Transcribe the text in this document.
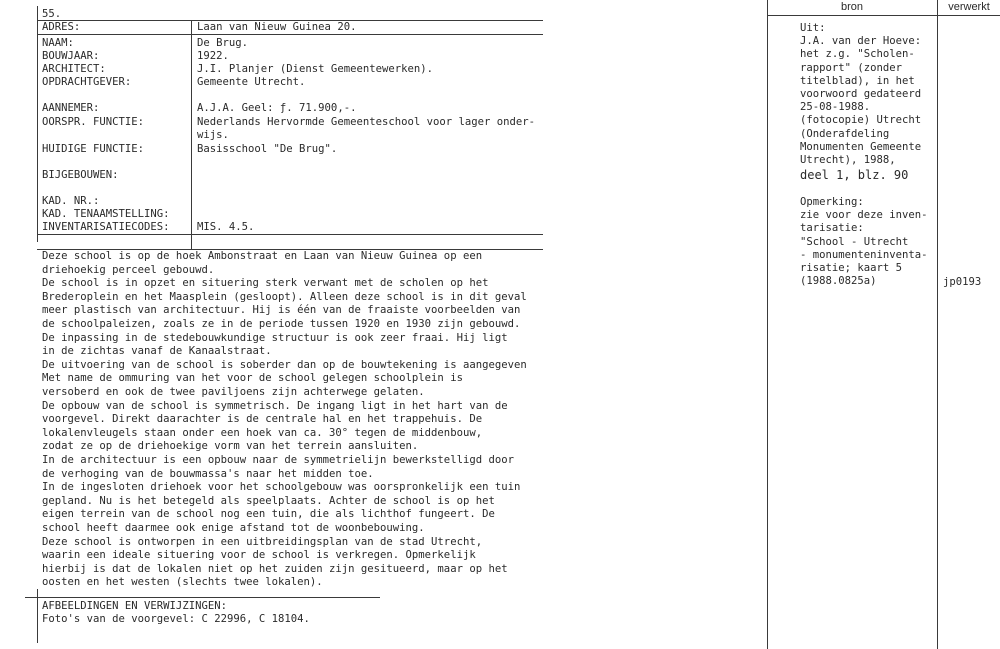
55.
ADRES:	Laan van Nieuw Guinea 20.
NAAM:	De Brug.
BOUWJAAR:	1922.
ARCHITECT:	J.I. Planjer (Dienst Gemeentewerken).
OPDRACHTGEVER:	Gemeente Utrecht.
AANNEMER:	A.J.A. Geel: ƒ. 71.900,-.
OORSPR. FUNCTIE:	Nederlands Hervormde Gemeenteschool voor lager onder-
wijs.
HUIDIGE FUNCTIE:	Basisschool "De Brug".
BIJGEBOUWEN:
KAD. NR.:
KAD. TENAAMSTELLING:
INVENTARISATIECODES:	MIS. 4.5.
Deze school is op de hoek Ambonstraat en Laan van Nieuw Guinea op een
driehoekig perceel gebouwd.
De school is in opzet en situering sterk verwant met de scholen op het
Brederoplein en het Maasplein (gesloopt). Alleen deze school is in dit geval
meer plastisch van architectuur. Hij is één van de fraaiste voorbeelden van
de schoolpaleizen, zoals ze in de periode tussen 1920 en 1930 zijn gebouwd.
De inpassing in de stedebouwkundige structuur is ook zeer fraai. Hij ligt
in de zichtas vanaf de Kanaalstraat.
De uitvoering van de school is soberder dan op de bouwtekening is aangegeven
Met name de ommuring van het voor de school gelegen schoolplein is
versoberd en ook de twee paviljoens zijn achterwege gelaten.
De opbouw van de school is symmetrisch. De ingang ligt in het hart van de
voorgevel. Direkt daarachter is de centrale hal en het trappehuis. De
lokalenvleugels staan onder een hoek van ca. 30° tegen de middenbouw,
zodat ze op de driehoekige vorm van het terrein aansluiten.
In de architectuur is een opbouw naar de symmetrielijn bewerkstelligd door
de verhoging van de bouwmassa's naar het midden toe.
In de ingesloten driehoek voor het schoolgebouw was oorspronkelijk een tuin
gepland. Nu is het betegeld als speelplaats. Achter de school is op het
eigen terrein van de school nog een tuin, die als lichthof fungeert. De
school heeft daarmee ook enige afstand tot de woonbebouwing.
Deze school is ontworpen in een uitbreidingsplan van de stad Utrecht,
waarin een ideale situering voor de school is verkregen. Opmerkelijk
hierbij is dat de lokalen niet op het zuiden zijn gesitueerd, maar op het
oosten en het westen (slechts twee lokalen).
AFBEELDINGEN EN VERWIJZINGEN:
Foto's van de voorgevel: C 22996, C 18104.
bron	verwerkt
Uit:
J.A. van der Hoeve:
het z.g. "Scholen-
rapport" (zonder
titelblad), in het
voorwoord gedateerd
25-08-1988.
(fotocopie) Utrecht
(Onderafdeling
Monumenten Gemeente
Utrecht), 1988,
deel 1, blz. 90
Opmerking:
zie voor deze inven-
tarisatie:
"School - Utrecht
- monumenteninventa-
risatie; kaart 5
(1988.0825a)	jp0193
